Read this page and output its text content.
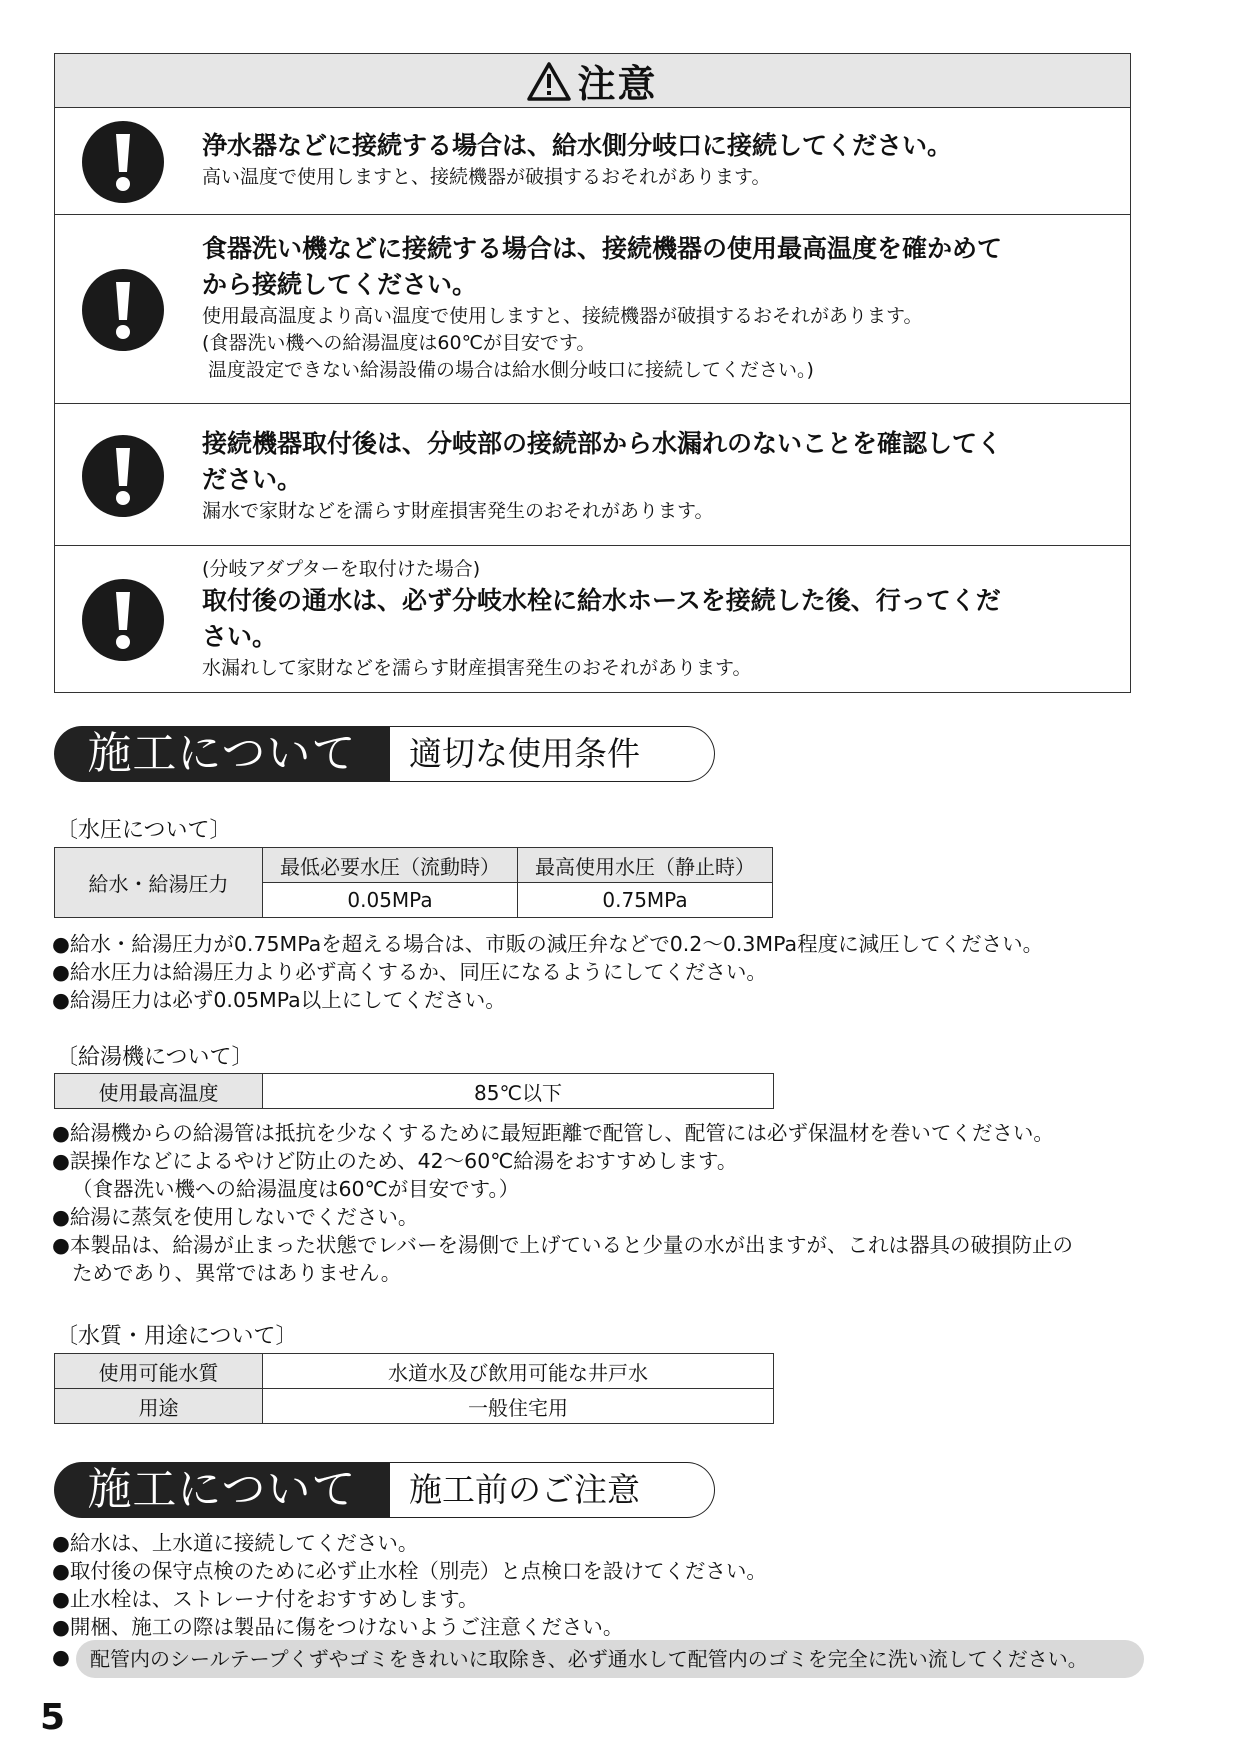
注意

浄水器などに接続する場合は、給水側分岐口に接続してください。

高い温度で使用しますと、接続機器が破損するおそれがあります。

食器洗い機などに接続する場合は、接続機器の使用最高温度を確かめて

から接続してください。

使用最高温度より高い温度で使用しますと、接続機器が破損するおそれがあります。

(食器洗い機への給湯温度は60℃が目安です。

温度設定できない給湯設備の場合は給水側分岐口に接続してください。)

接続機器取付後は、分岐部の接続部から水漏れのないことを確認してく

ださい。

漏水で家財などを濡らす財産損害発生のおそれがあります。

(分岐アダプターを取付けた場合)

取付後の通水は、必ず分岐水栓に給水ホースを接続した後、行ってくだ

さい。

水漏れして家財などを濡らす財産損害発生のおそれがあります。

施工について	適切な使用条件
〔水圧について〕
給水・給湯圧力	最低必要水圧（流動時）	最高使用水圧（静止時）
	0.05MPa	0.75MPa
●給水・給湯圧力が0.75MPaを超える場合は、市販の減圧弁などで0.2～0.3MPa程度に減圧してください。
●給水圧力は給湯圧力より必ず高くするか、同圧になるようにしてください。
●給湯圧力は必ず0.05MPa以上にしてください。
〔給湯機について〕
使用最高温度	85℃以下
●給湯機からの給湯管は抵抗を少なくするために最短距離で配管し、配管には必ず保温材を巻いてください。
●誤操作などによるやけど防止のため、42～60℃給湯をおすすめします。
（食器洗い機への給湯温度は60℃が目安です。）
●給湯に蒸気を使用しないでください。
●本製品は、給湯が止まった状態でレバーを湯側で上げていると少量の水が出ますが、これは器具の破損防止の
ためであり、異常ではありません。
〔水質・用途について〕
使用可能水質	水道水及び飲用可能な井戸水
用途	一般住宅用
施工について	施工前のご注意
●給水は、上水道に接続してください。
●取付後の保守点検のために必ず止水栓（別売）と点検口を設けてください。
●止水栓は、ストレーナ付をおすすめします。
●開梱、施工の際は製品に傷をつけないようご注意ください。
●	配管内のシールテープくずやゴミをきれいに取除き、必ず通水して配管内のゴミを完全に洗い流してください。
5
